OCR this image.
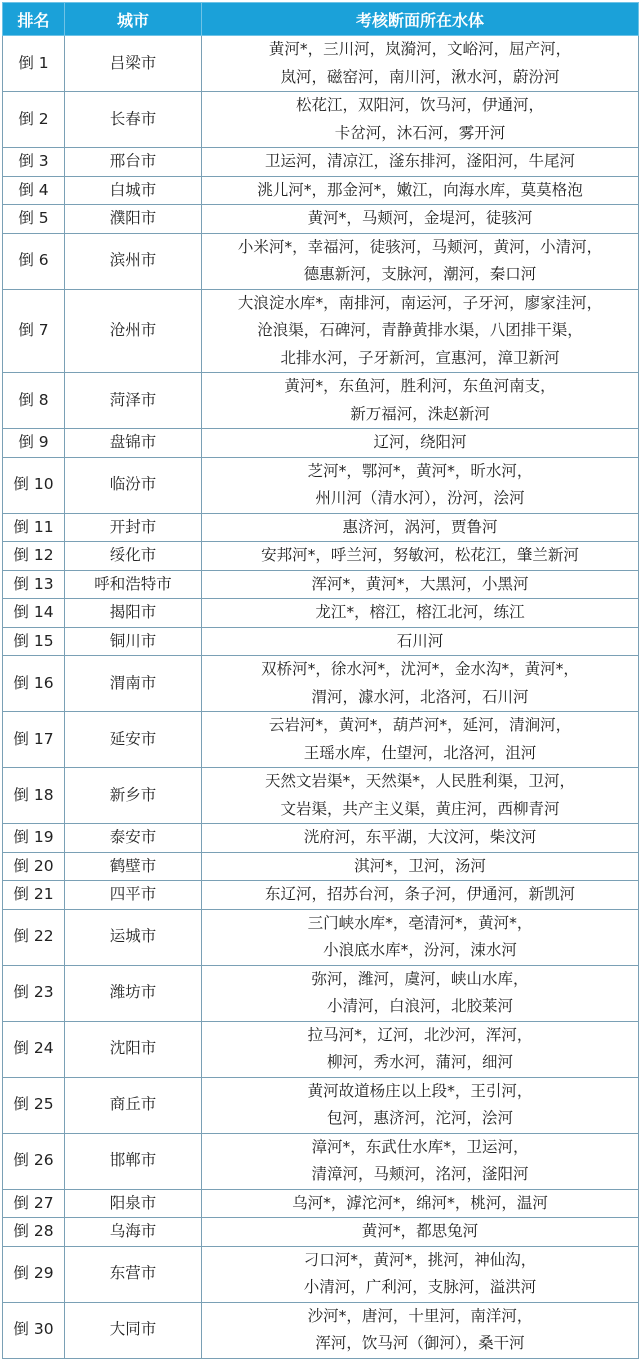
排名	城市	考核断面所在水体
倒 1	吕梁市	黄河*，三川河，岚漪河，文峪河，屈产河，
岚河，磁窑河，南川河，湫水河，蔚汾河

倒 2	长春市	松花江，双阳河，饮马河，伊通河，
卡岔河，沐石河，雾开河

倒 3	邢台市	卫运河，清凉江，滏东排河，滏阳河，牛尾河

倒 4	白城市	洮儿河*，那金河*，嫩江，向海水库，莫莫格泡

倒 5	濮阳市	黄河*，马颊河，金堤河，徒骇河

倒 6	滨州市	小米河*，幸福河，徒骇河，马颊河，黄河，小清河，
德惠新河，支脉河，潮河，秦口河

倒 7	沧州市	大浪淀水库*，南排河，南运河，子牙河，廖家洼河，
沧浪渠，石碑河，青静黄排水渠，八团排干渠，
北排水河，子牙新河，宣惠河，漳卫新河

倒 8	菏泽市	黄河*，东鱼河，胜利河，东鱼河南支，
新万福河，洙赵新河

倒 9	盘锦市	辽河，绕阳河

倒 10	临汾市	芝河*，鄂河*，黄河*，昕水河，
州川河（清水河），汾河，浍河

倒 11	开封市	惠济河，涡河，贾鲁河

倒 12	绥化市	安邦河*，呼兰河，努敏河，松花江，肇兰新河

倒 13	呼和浩特市	浑河*，黄河*，大黑河，小黑河

倒 14	揭阳市	龙江*，榕江，榕江北河，练江

倒 15	铜川市	石川河

倒 16	渭南市	双桥河*，徐水河*，沋河*，金水沟*，黄河*，
渭河，澽水河，北洛河，石川河

倒 17	延安市	云岩河*，黄河*，葫芦河*，延河，清涧河，
王瑶水库，仕望河，北洛河，沮河

倒 18	新乡市	天然文岩渠*，天然渠*，人民胜利渠，卫河，
文岩渠，共产主义渠，黄庄河，西柳青河

倒 19	泰安市	洸府河，东平湖，大汶河，柴汶河

倒 20	鹤壁市	淇河*，卫河，汤河

倒 21	四平市	东辽河，招苏台河，条子河，伊通河，新凯河

倒 22	运城市	三门峡水库*，亳清河*，黄河*，
小浪底水库*，汾河，涑水河

倒 23	潍坊市	弥河，潍河，虞河，峡山水库，
小清河，白浪河，北胶莱河

倒 24	沈阳市	拉马河*，辽河，北沙河，浑河，
柳河，秀水河，蒲河，细河

倒 25	商丘市	黄河故道杨庄以上段*，王引河，
包河，惠济河，沱河，浍河

倒 26	邯郸市	漳河*，东武仕水库*，卫运河，
清漳河，马颊河，洺河，滏阳河

倒 27	阳泉市	乌河*，滹沱河*，绵河*，桃河，温河

倒 28	乌海市	黄河*，都思兔河

倒 29	东营市	刁口河*，黄河*，挑河，神仙沟，
小清河，广利河，支脉河，溢洪河

倒 30	大同市	沙河*，唐河，十里河，南洋河，
浑河，饮马河（御河），桑干河
